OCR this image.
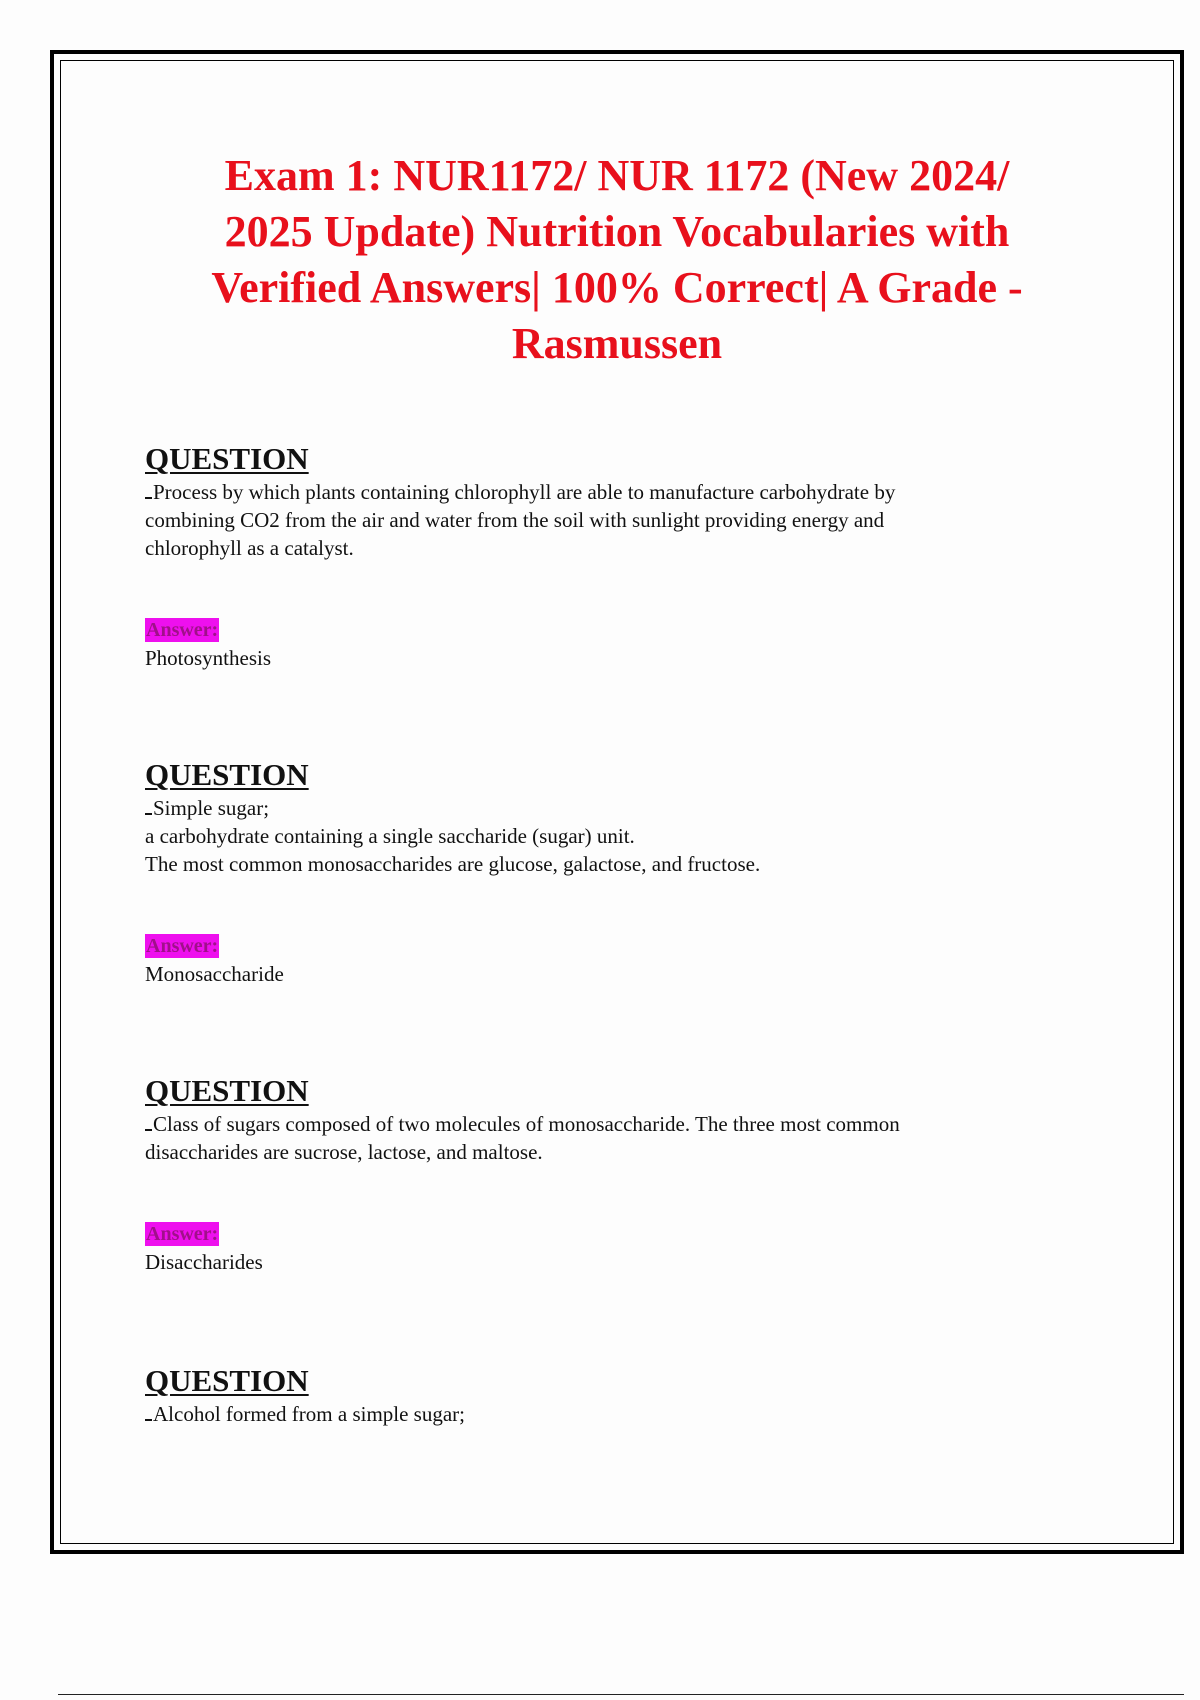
Exam 1: NUR1172/ NUR 1172 (New 2024/
2025 Update) Nutrition Vocabularies with
Verified Answers| 100% Correct| A Grade -
Rasmussen
QUESTION
Process by which plants containing chlorophyll are able to manufacture carbohydrate by
combining CO2 from the air and water from the soil with sunlight providing energy and
chlorophyll as a catalyst.
Answer:
Photosynthesis
QUESTION
Simple sugar;
a carbohydrate containing a single saccharide (sugar) unit.
The most common monosaccharides are glucose, galactose, and fructose.
Answer:
Monosaccharide
QUESTION
Class of sugars composed of two molecules of monosaccharide. The three most common
disaccharides are sucrose, lactose, and maltose.
Answer:
Disaccharides
QUESTION
Alcohol formed from a simple sugar;
